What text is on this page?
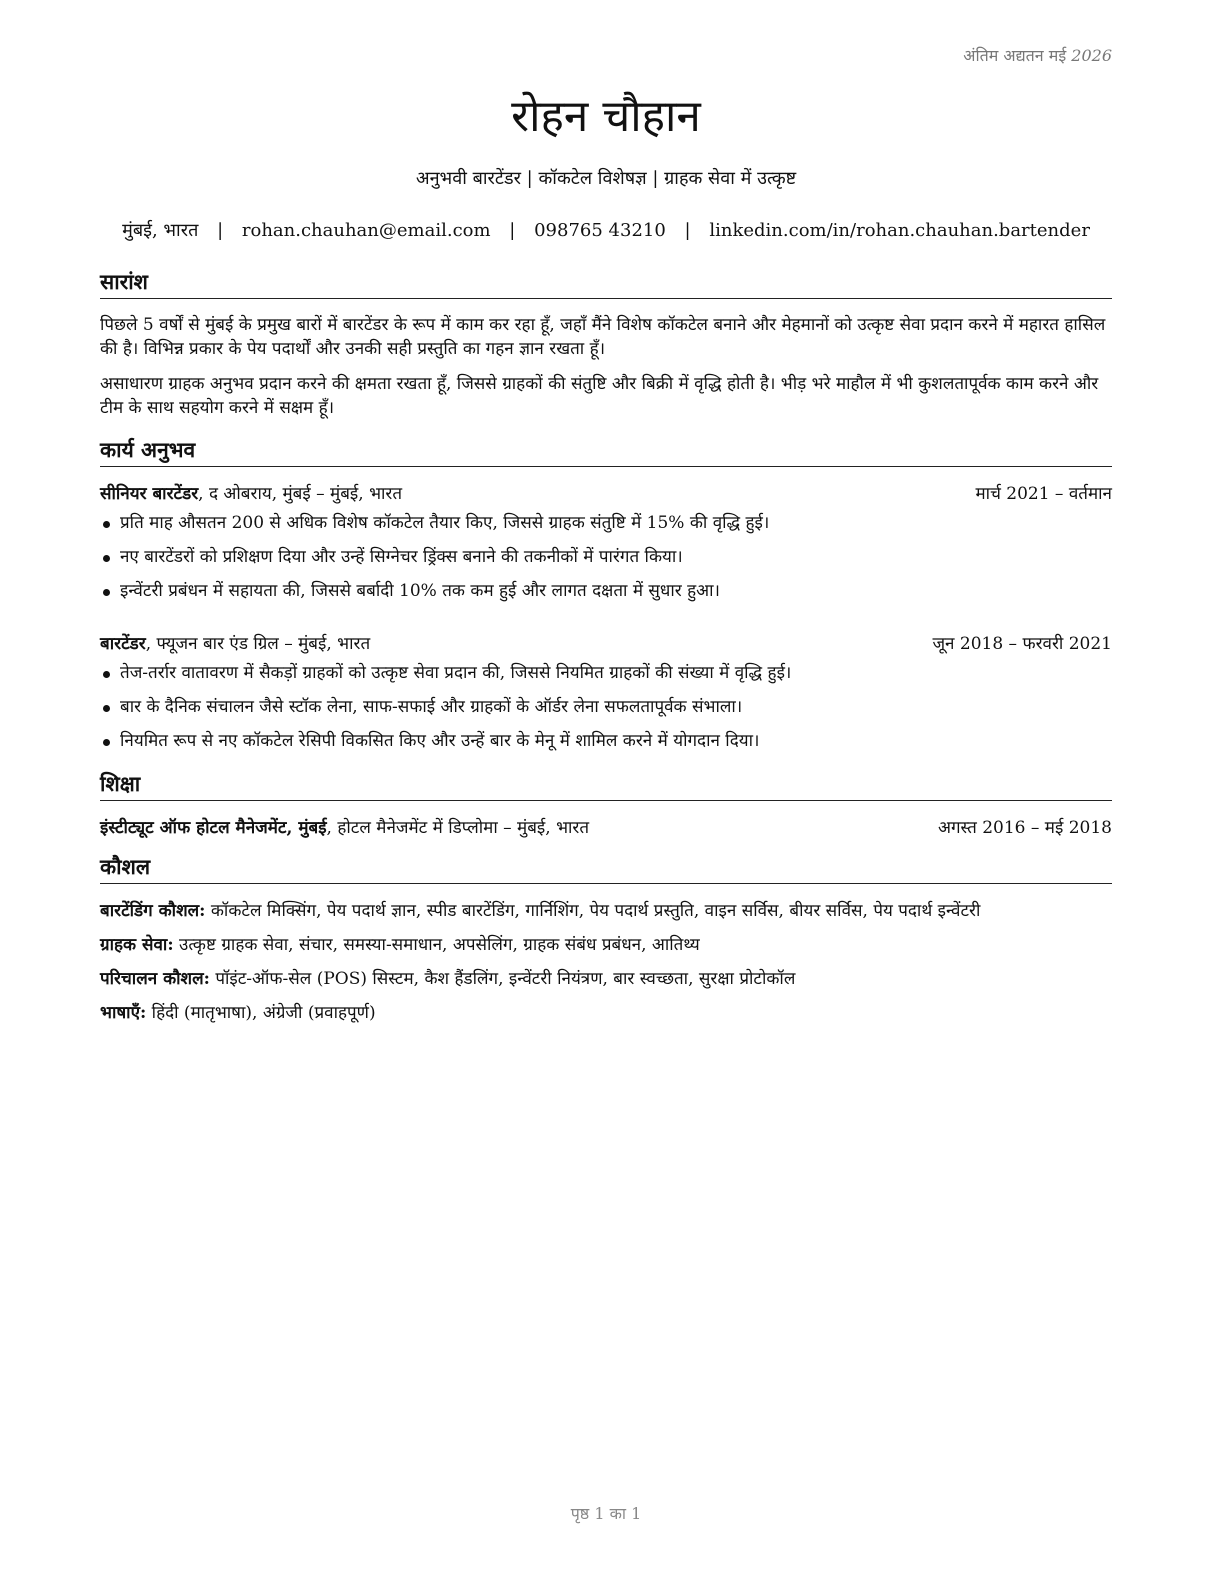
अंतिम अद्यतन मई 2026
रोहन चौहान
अनुभवी बारटेंडर | कॉकटेल विशेषज्ञ | ग्राहक सेवा में उत्कृष्ट
मुंबई, भारत | rohan.chauhan@email.com | 098765 43210 | linkedin.com/in/rohan.chauhan.bartender
सारांश

पिछले 5 वर्षों से मुंबई के प्रमुख बारों में बारटेंडर के रूप में काम कर रहा हूँ, जहाँ मैंने विशेष कॉकटेल बनाने और मेहमानों को उत्कृष्ट सेवा प्रदान करने में महारत हासिल की है। विभिन्न प्रकार के पेय पदार्थों और उनकी सही प्रस्तुति का गहन ज्ञान रखता हूँ।

असाधारण ग्राहक अनुभव प्रदान करने की क्षमता रखता हूँ, जिससे ग्राहकों की संतुष्टि और बिक्री में वृद्धि होती है। भीड़ भरे माहौल में भी कुशलतापूर्वक काम करने और टीम के साथ सहयोग करने में सक्षम हूँ।

कार्य अनुभव
सीनियर बारटेंडर, द ओबराय, मुंबई – मुंबई, भारत	मार्च 2021 – वर्तमान
प्रति माह औसतन 200 से अधिक विशेष कॉकटेल तैयार किए, जिससे ग्राहक संतुष्टि में 15% की वृद्धि हुई।
नए बारटेंडरों को प्रशिक्षण दिया और उन्हें सिग्नेचर ड्रिंक्स बनाने की तकनीकों में पारंगत किया।
इन्वेंटरी प्रबंधन में सहायता की, जिससे बर्बादी 10% तक कम हुई और लागत दक्षता में सुधार हुआ।
बारटेंडर, फ्यूजन बार एंड ग्रिल – मुंबई, भारत	जून 2018 – फरवरी 2021
तेज-तर्रार वातावरण में सैकड़ों ग्राहकों को उत्कृष्ट सेवा प्रदान की, जिससे नियमित ग्राहकों की संख्या में वृद्धि हुई।
बार के दैनिक संचालन जैसे स्टॉक लेना, साफ-सफाई और ग्राहकों के ऑर्डर लेना सफलतापूर्वक संभाला।
नियमित रूप से नए कॉकटेल रेसिपी विकसित किए और उन्हें बार के मेनू में शामिल करने में योगदान दिया।
शिक्षा
इंस्टीट्यूट ऑफ होटल मैनेजमेंट, मुंबई, होटल मैनेजमेंट में डिप्लोमा – मुंबई, भारत	अगस्त 2016 – मई 2018
कौशल
बारटेंडिंग कौशल: कॉकटेल मिक्सिंग, पेय पदार्थ ज्ञान, स्पीड बारटेंडिंग, गार्निशिंग, पेय पदार्थ प्रस्तुति, वाइन सर्विस, बीयर सर्विस, पेय पदार्थ इन्वेंटरी
ग्राहक सेवा: उत्कृष्ट ग्राहक सेवा, संचार, समस्या-समाधान, अपसेलिंग, ग्राहक संबंध प्रबंधन, आतिथ्य
परिचालन कौशल: पॉइंट-ऑफ-सेल (POS) सिस्टम, कैश हैंडलिंग, इन्वेंटरी नियंत्रण, बार स्वच्छता, सुरक्षा प्रोटोकॉल
भाषाएँ: हिंदी (मातृभाषा), अंग्रेजी (प्रवाहपूर्ण)
पृष्ठ 1 का 1
